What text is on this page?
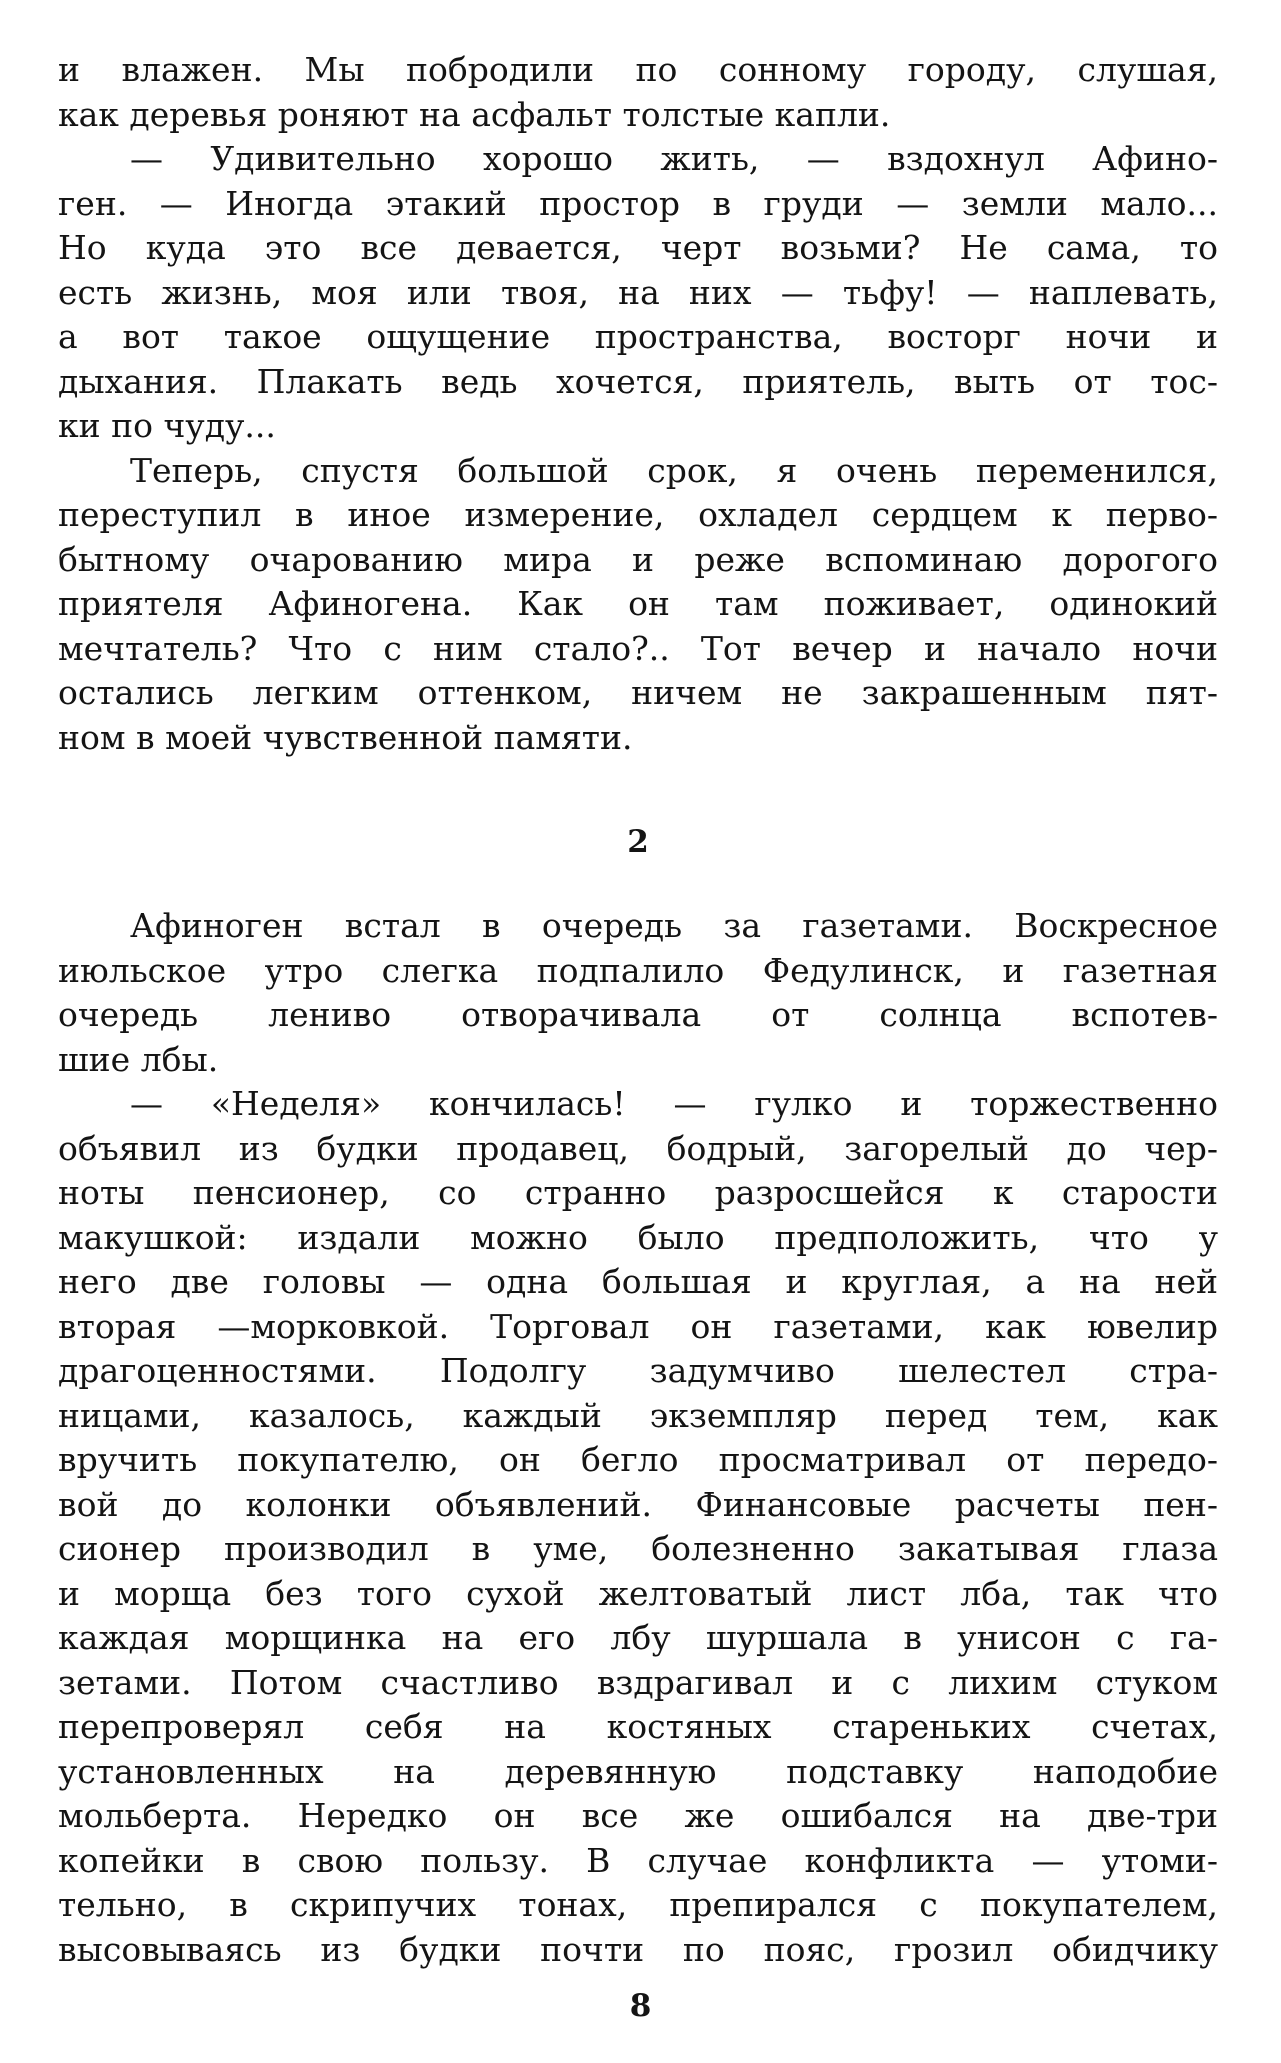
и влажен. Мы побродили по сонному городу, слушая,
как деревья роняют на асфальт толстые капли.
— Удивительно хорошо жить, — вздохнул Афино-
ген. — Иногда этакий простор в груди — земли мало...
Но куда это все девается, черт возьми? Не сама, то
есть жизнь, моя или твоя, на них — тьфу! — наплевать,
а вот такое ощущение пространства, восторг ночи и
дыхания. Плакать ведь хочется, приятель, выть от тос-
ки по чуду...
Теперь, спустя большой срок, я очень переменился,
переступил в иное измерение, охладел сердцем к перво-
бытному очарованию мира и реже вспоминаю дорогого
приятеля Афиногена. Как он там поживает, одинокий
мечтатель? Что с ним стало?.. Тот вечер и начало ночи
остались легким оттенком, ничем не закрашенным пят-
ном в моей чувственной памяти.
2
Афиноген встал в очередь за газетами. Воскресное
июльское утро слегка подпалило Федулинск, и газетная
очередь лениво отворачивала от солнца вспотев-
шие лбы.
— «Неделя» кончилась! — гулко и торжественно
объявил из будки продавец, бодрый, загорелый до чер-
ноты пенсионер, со странно разросшейся к старости
макушкой: издали можно было предположить, что у
него две головы — одна большая и круглая, а на ней
вторая —морковкой. Торговал он газетами, как ювелир
драгоценностями. Подолгу задумчиво шелестел стра-
ницами, казалось, каждый экземпляр перед тем, как
вручить покупателю, он бегло просматривал от передо-
вой до колонки объявлений. Финансовые расчеты пен-
сионер производил в уме, болезненно закатывая глаза
и морща без того сухой желтоватый лист лба, так что
каждая морщинка на его лбу шуршала в унисон с га-
зетами. Потом счастливо вздрагивал и с лихим стуком
перепроверял себя на костяных стареньких счетах,
установленных на деревянную подставку наподобие
мольберта. Нередко он все же ошибался на две-три
копейки в свою пользу. В случае конфликта — утоми-
тельно, в скрипучих тонах, препирался с покупателем,
высовываясь из будки почти по пояс, грозил обидчику
8
